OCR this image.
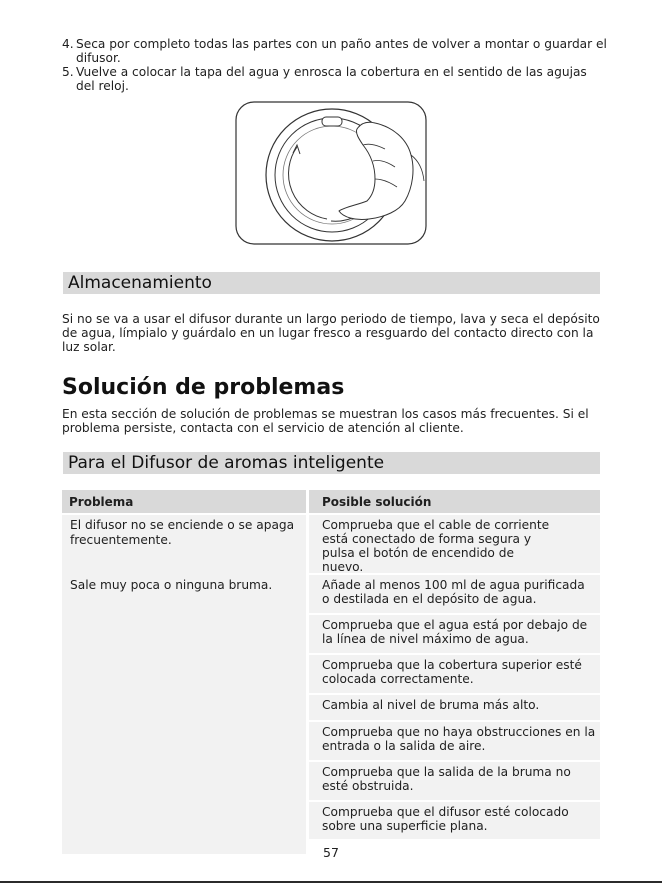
4. Seca por completo todas las partes con un paño antes de volver a montar o guardar el difusor.
5. Vuelve a colocar la tapa del agua y enrosca la cobertura en el sentido de las agujas del reloj.
Almacenamiento
Si no se va a usar el difusor durante un largo periodo de tiempo, lava y seca el depósito de agua, límpialo y guárdalo en un lugar fresco a resguardo del contacto directo con la luz solar.
Solución de problemas
En esta sección de solución de problemas se muestran los casos más frecuentes. Si el problema persiste, contacta con el servicio de atención al cliente.
Para el Difusor de aromas inteligente
Problema	Posible solución
El difusor no se enciende o se apaga frecuentemente.
Comprueba que el cable de corriente está conectado de forma segura y pulsa el botón de encendido de nuevo.
Sale muy poca o ninguna bruma.	Añade al menos 100 ml de agua purificada o destilada en el depósito de agua.
Comprueba que el agua está por debajo de la línea de nivel máximo de agua.
Comprueba que la cobertura superior esté colocada correctamente.
Cambia al nivel de bruma más alto.
Comprueba que no haya obstrucciones en la entrada o la salida de aire.
Comprueba que la salida de la bruma no esté obstruida.
Comprueba que el difusor esté colocado sobre una superficie plana.
57
